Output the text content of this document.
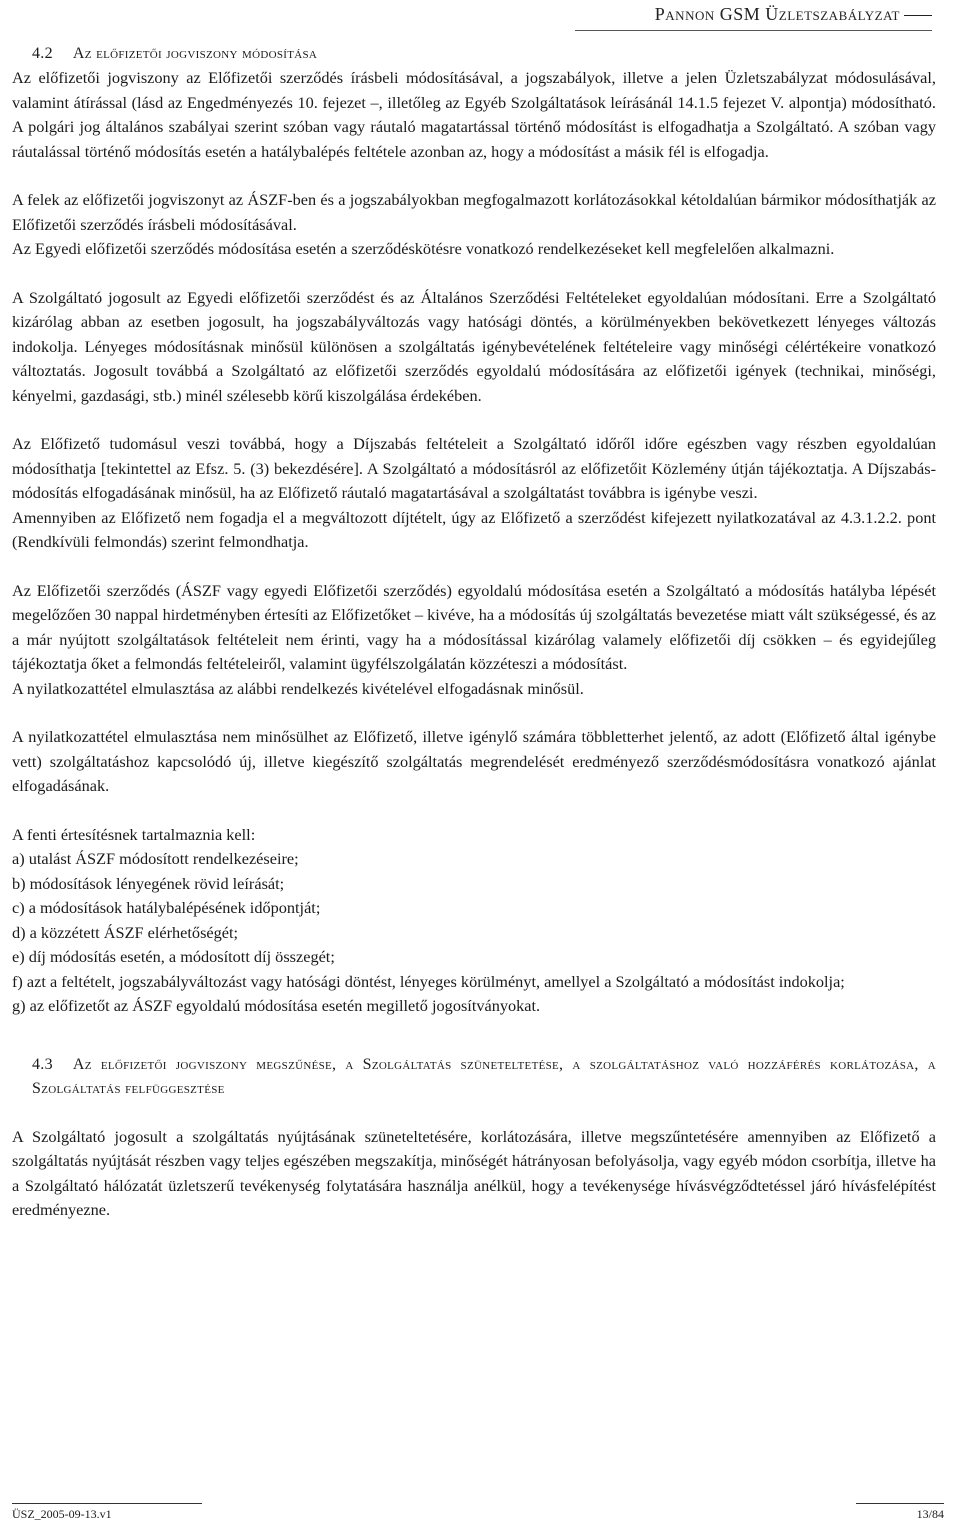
Pannon GSM Üzletszabályzat
4.2 Az előfizetői jogviszony módosítása

Az előfizetői jogviszony az Előfizetői szerződés írásbeli módosításával, a jogszabályok, illetve a jelen Üzletszabályzat módosulásával, valamint átírással (lásd az Engedményezés 10. fejezet –, illetőleg az Egyéb Szolgáltatások leírásánál 14.1.5 fejezet V. alpontja) módosítható. A polgári jog általános szabályai szerint szóban vagy ráutaló magatartással történő módosítást is elfogadhatja a Szolgáltató. A szóban vagy ráutalással történő módosítás esetén a hatálybalépés feltétele azonban az, hogy a módosítást a másik fél is elfogadja.

A felek az előfizetői jogviszonyt az ÁSZF-ben és a jogszabályokban megfogalmazott korlátozásokkal kétoldalúan bármikor módosíthatják az Előfizetői szerződés írásbeli módosításával.

Az Egyedi előfizetői szerződés módosítása esetén a szerződéskötésre vonatkozó rendelkezéseket kell megfelelően alkalmazni.

A Szolgáltató jogosult az Egyedi előfizetői szerződést és az Általános Szerződési Feltételeket egyoldalúan módosítani. Erre a Szolgáltató kizárólag abban az esetben jogosult, ha jogszabályváltozás vagy hatósági döntés, a körülményekben bekövetkezett lényeges változás indokolja. Lényeges módosításnak minősül különösen a szolgáltatás igénybevételének feltételeire vagy minőségi célértékeire vonatkozó változtatás. Jogosult továbbá a Szolgáltató az előfizetői szerződés egyoldalú módosítására az előfizetői igények (technikai, minőségi, kényelmi, gazdasági, stb.) minél szélesebb körű kiszolgálása érdekében.

Az Előfizető tudomásul veszi továbbá, hogy a Díjszabás feltételeit a Szolgáltató időről időre egészben vagy részben egyoldalúan módosíthatja [tekintettel az Efsz. 5. (3) bekezdésére]. A Szolgáltató a módosításról az előfizetőit Közlemény útján tájékoztatja. A Díjszabás-módosítás elfogadásának minősül, ha az Előfizető ráutaló magatartásával a szolgáltatást továbbra is igénybe veszi.

Amennyiben az Előfizető nem fogadja el a megváltozott díjtételt, úgy az Előfizető a szerződést kifejezett nyilatkozatával az 4.3.1.2.2. pont (Rendkívüli felmondás) szerint felmondhatja.

Az Előfizetői szerződés (ÁSZF vagy egyedi Előfizetői szerződés) egyoldalú módosítása esetén a Szolgáltató a módosítás hatályba lépését megelőzően 30 nappal hirdetményben értesíti az Előfizetőket – kivéve, ha a módosítás új szolgáltatás bevezetése miatt vált szükségessé, és az a már nyújtott szolgáltatások feltételeit nem érinti, vagy ha a módosítással kizárólag valamely előfizetői díj csökken – és egyidejűleg tájékoztatja őket a felmondás feltételeiről, valamint ügyfélszolgálatán közzéteszi a módosítást.

A nyilatkozattétel elmulasztása az alábbi rendelkezés kivételével elfogadásnak minősül.

A nyilatkozattétel elmulasztása nem minősülhet az Előfizető, illetve igénylő számára többletterhet jelentő, az adott (Előfizető által igénybe vett) szolgáltatáshoz kapcsolódó új, illetve kiegészítő szolgáltatás megrendelését eredményező szerződésmódosításra vonatkozó ajánlat elfogadásának.

A fenti értesítésnek tartalmaznia kell:

a) utalást ÁSZF módosított rendelkezéseire;

b) módosítások lényegének rövid leírását;

c) a módosítások hatálybalépésének időpontját;

d) a közzétett ÁSZF elérhetőségét;

e) díj módosítás esetén, a módosított díj összegét;

f) azt a feltételt, jogszabályváltozást vagy hatósági döntést, lényeges körülményt, amellyel a Szolgáltató a módosítást indokolja;

g) az előfizetőt az ÁSZF egyoldalú módosítása esetén megillető jogosítványokat.

4.3 Az előfizetői jogviszony megszűnése, a Szolgáltatás szüneteltetése, a szolgáltatáshoz való hozzáférés korlátozása, a Szolgáltatás felfüggesztése

A Szolgáltató jogosult a szolgáltatás nyújtásának szüneteltetésére, korlátozására, illetve megszűntetésére amennyiben az Előfizető a szolgáltatás nyújtását részben vagy teljes egészében megszakítja, minőségét hátrányosan befolyásolja, vagy egyéb módon csorbítja, illetve ha a Szolgáltató hálózatát üzletszerű tevékenység folytatására használja anélkül, hogy a tevékenysége hívásvégződtetéssel járó hívásfelépítést eredményezne.

ÜSZ_2005-09-13.v1	13/84
